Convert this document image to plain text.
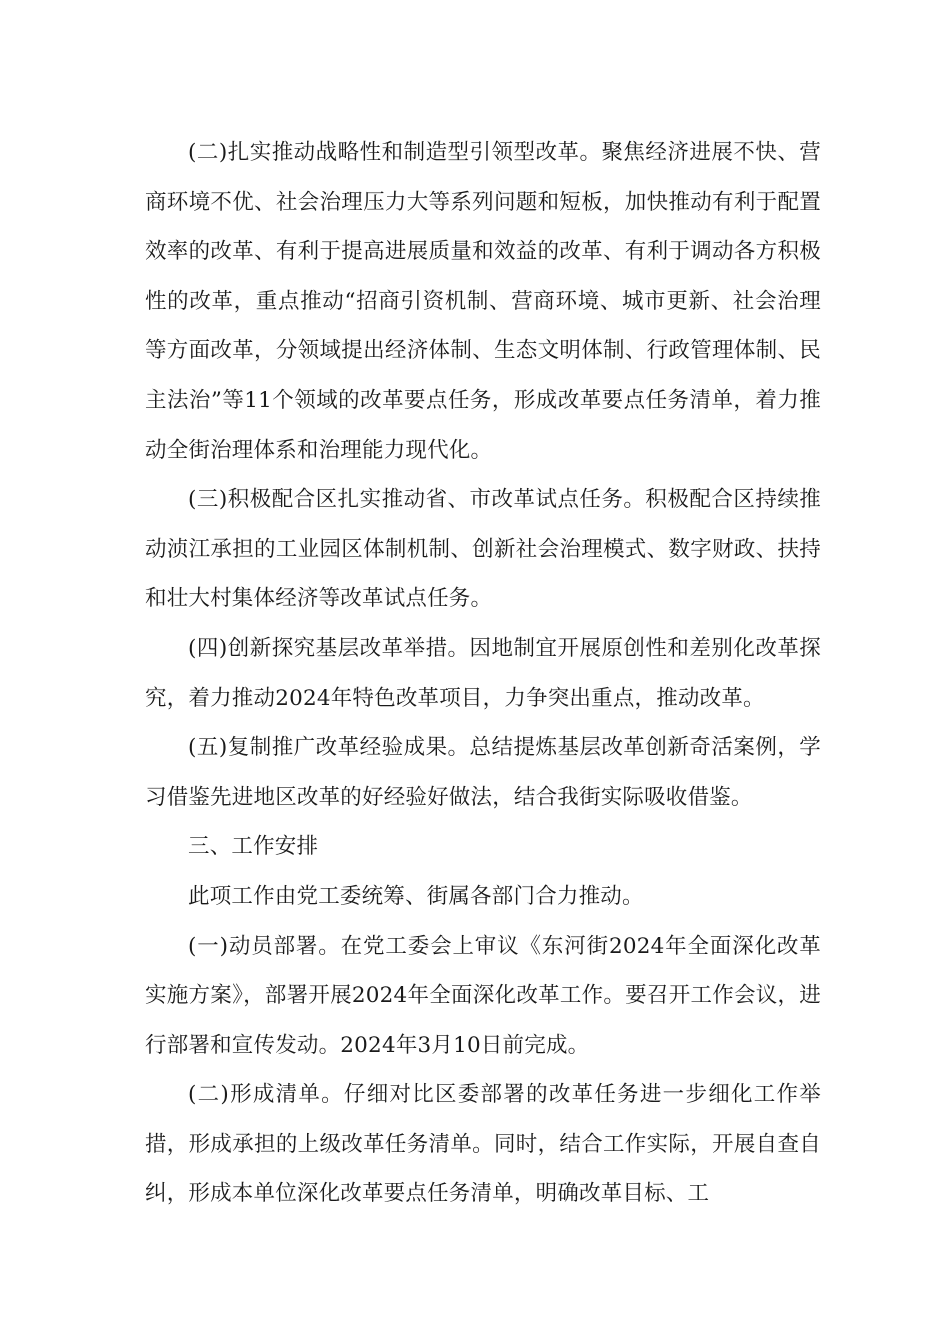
(二)扎实推动战略性和制造型引领型改革。聚焦经济进展不快、营商环境不优、社会治理压力大等系列问题和短板，加快推动有利于配置效率的改革、有利于提高进展质量和效益的改革、有利于调动各方积极性的改革，重点推动“招商引资机制、营商环境、城市更新、社会治理等方面改革，分领域提出经济体制、生态文明体制、行政管理体制、民主法治”等11个领域的改革要点任务，形成改革要点任务清单，着力推动全街治理体系和治理能力现代化。

(三)积极配合区扎实推动省、市改革试点任务。积极配合区持续推动浈江承担的工业园区体制机制、创新社会治理模式、数字财政、扶持和壮大村集体经济等改革试点任务。

(四)创新探究基层改革举措。因地制宜开展原创性和差别化改革探究，着力推动2024年特色改革项目，力争突出重点，推动改革。

(五)复制推广改革经验成果。总结提炼基层改革创新奇活案例，学习借鉴先进地区改革的好经验好做法，结合我街实际吸收借鉴。

三、工作安排

此项工作由党工委统筹、街属各部门合力推动。

(一)动员部署。在党工委会上审议《东河街2024年全面深化改革实施方案》，部署开展2024年全面深化改革工作。要召开工作会议，进行部署和宣传发动。2024年3月10日前完成。

(二)形成清单。仔细对比区委部署的改革任务进一步细化工作举措，形成承担的上级改革任务清单。同时，结合工作实际，开展自查自纠，形成本单位深化改革要点任务清单，明确改革目标、工
